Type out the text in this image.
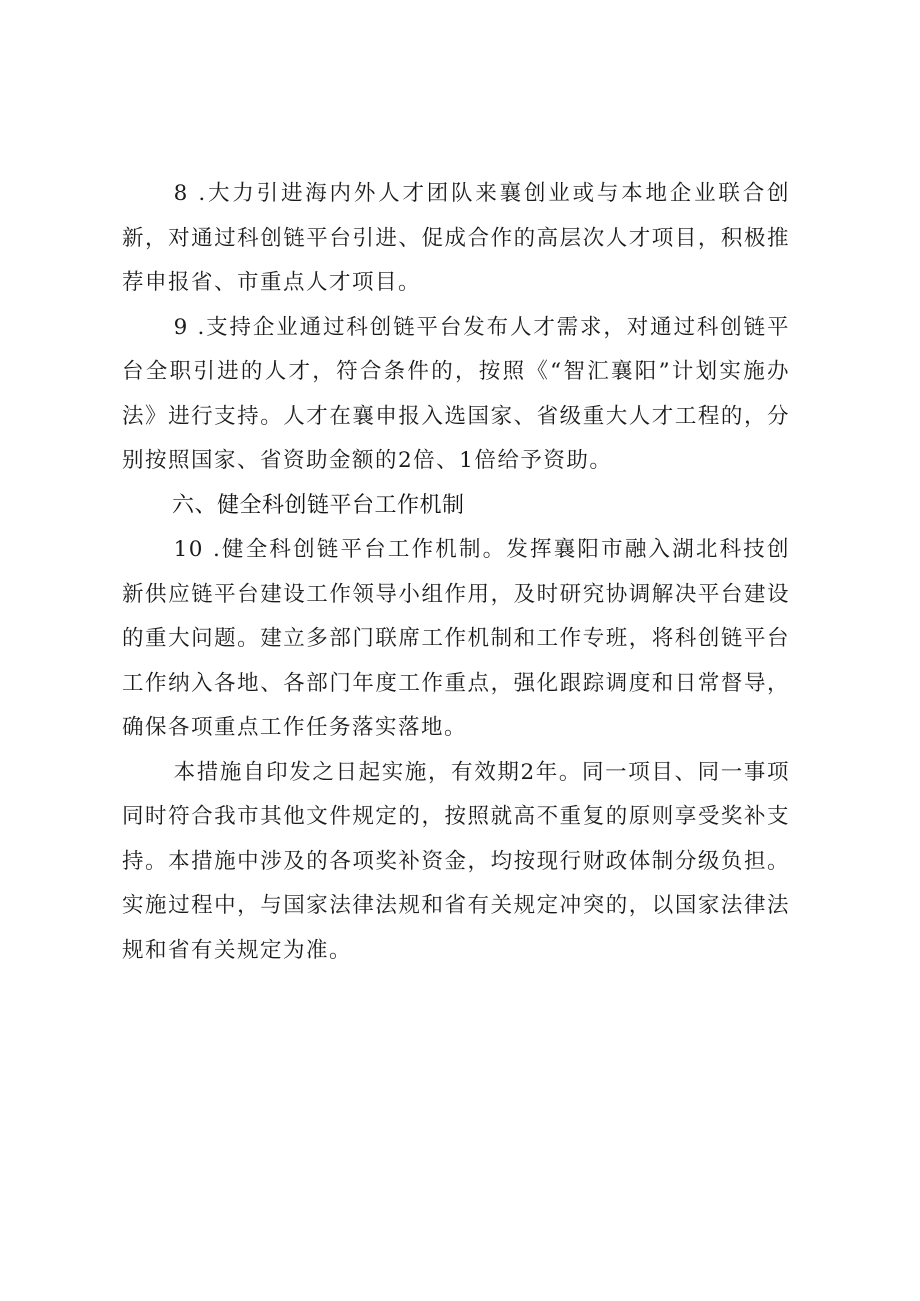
8 .大力引进海内外人才团队来襄创业或与本地企业联合创新，对通过科创链平台引进、促成合作的高层次人才项目，积极推荐申报省、市重点人才项目。

9 .支持企业通过科创链平台发布人才需求，对通过科创链平台全职引进的人才，符合条件的，按照《“智汇襄阳”计划实施办法》进行支持。人才在襄申报入选国家、省级重大人才工程的，分别按照国家、省资助金额的2倍、1倍给予资助。

六、健全科创链平台工作机制

10 .健全科创链平台工作机制。发挥襄阳市融入湖北科技创新供应链平台建设工作领导小组作用，及时研究协调解决平台建设的重大问题。建立多部门联席工作机制和工作专班，将科创链平台工作纳入各地、各部门年度工作重点，强化跟踪调度和日常督导，确保各项重点工作任务落实落地。

本措施自印发之日起实施，有效期2年。同一项目、同一事项同时符合我市其他文件规定的，按照就高不重复的原则享受奖补支持。本措施中涉及的各项奖补资金，均按现行财政体制分级负担。实施过程中，与国家法律法规和省有关规定冲突的，以国家法律法规和省有关规定为准。
